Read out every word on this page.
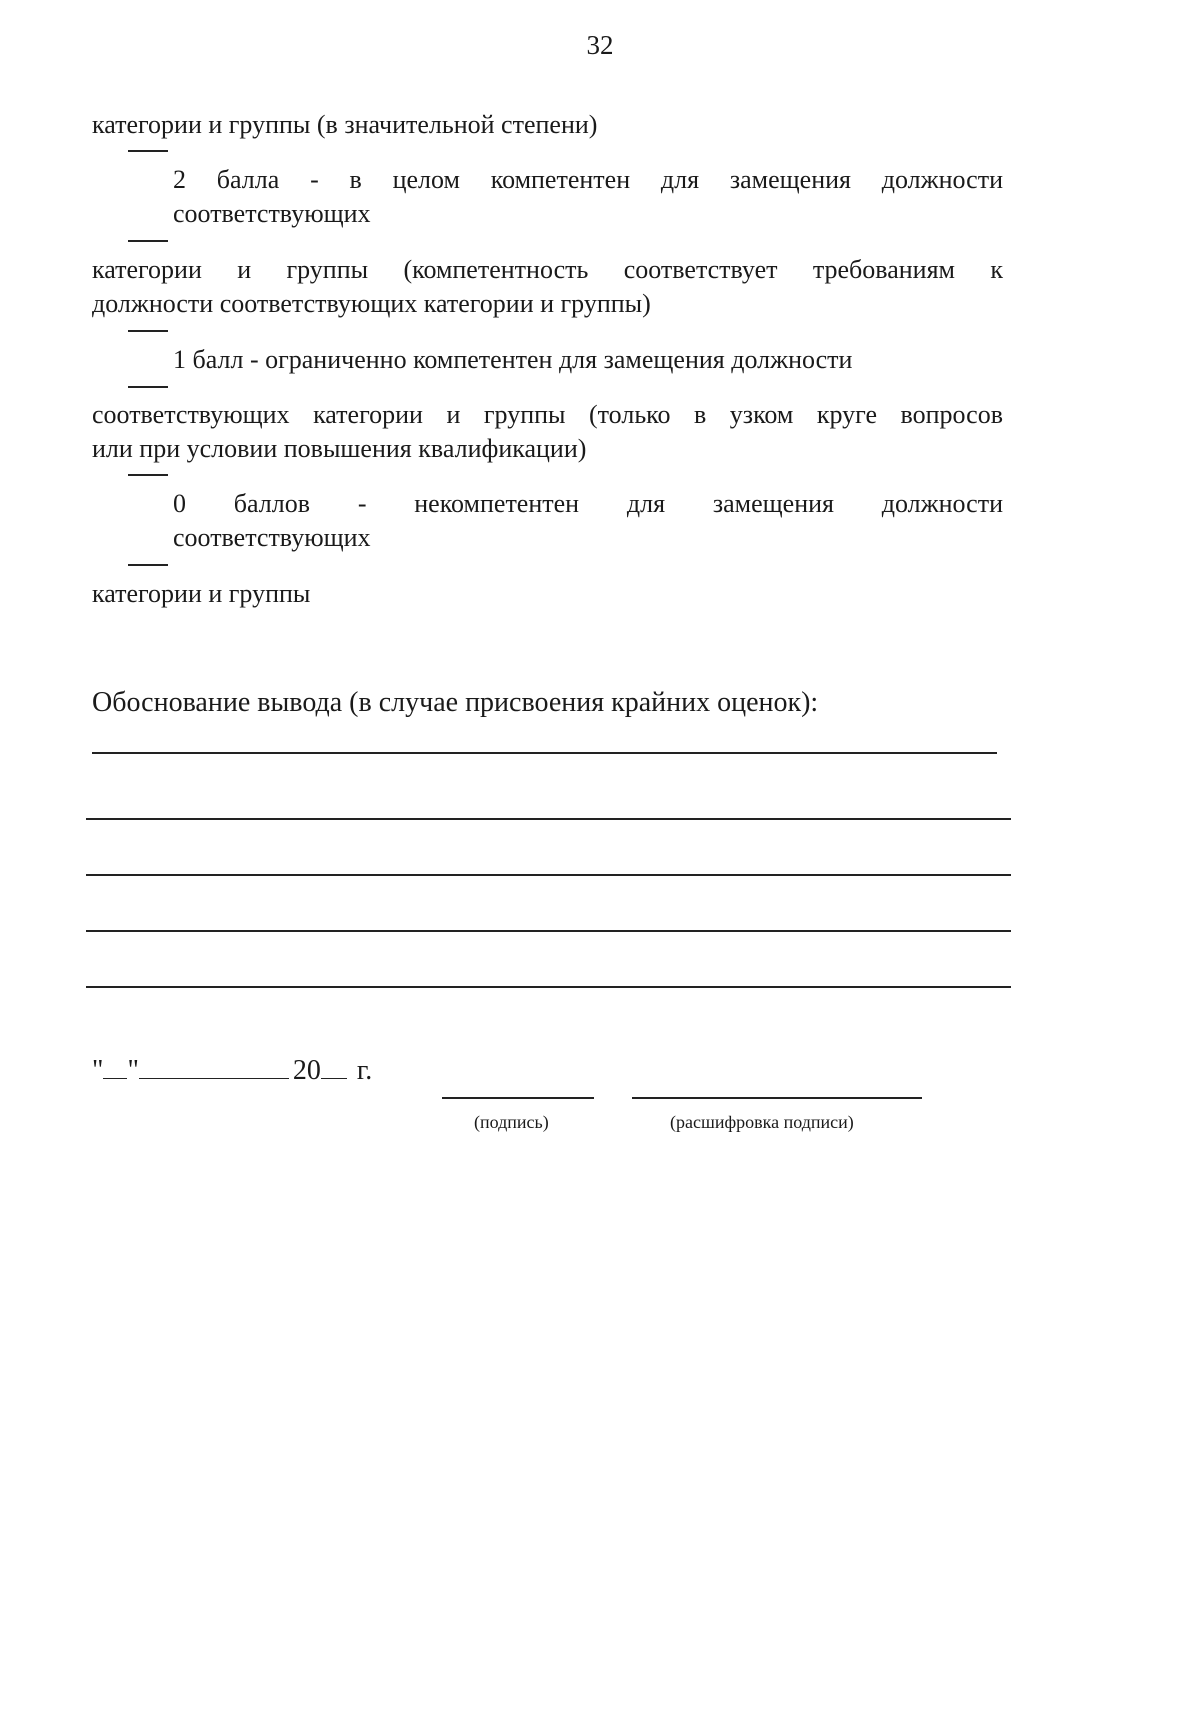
32
категории и группы (в значительной степени)
2 балла - в целом компетентен для замещения должности
соответствующих
категории и группы (компетентность соответствует требованиям к
должности соответствующих категории и группы)
1 балл - ограниченно компетентен для замещения должности
соответствующих категории и группы (только в узком круге вопросов
или при условии повышения квалификации)
0 баллов - некомпетентен для замещения должности
соответствующих
категории и группы
Обоснование вывода (в случае присвоения крайних оценок):
" "	20 г.
(подпись)	(расшифровка подписи)
